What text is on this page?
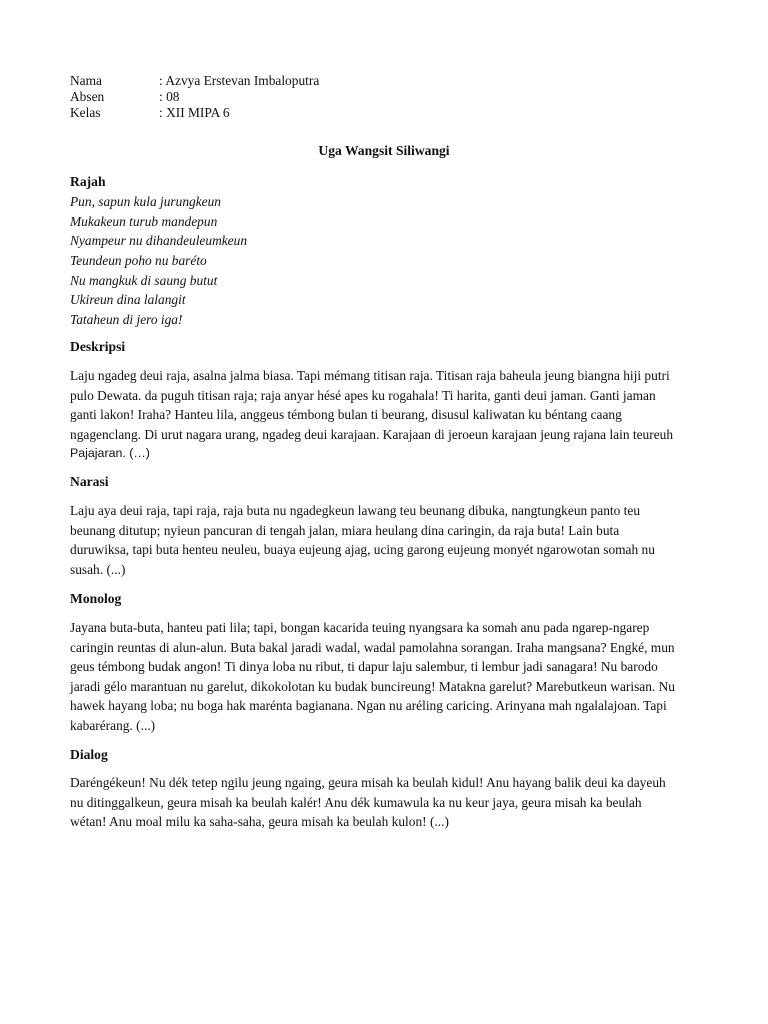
Nama	: Azvya Erstevan Imbaloputra
Absen	: 08
Kelas	: XII MIPA 6
Uga Wangsit Siliwangi
Rajah
Pun, sapun kula jurungkeun
Mukakeun turub mandepun
Nyampeur nu dihandeuleumkeun
Teundeun poho nu baréto
Nu mangkuk di saung butut
Ukireun dina lalangit
Tataheun di jero iga!
Deskripsi
Laju ngadeg deui raja, asalna jalma biasa. Tapi mémang titisan raja. Titisan raja baheula jeung biangna hiji putri
pulo Dewata. da puguh titisan raja; raja anyar hésé apes ku rogahala! Ti harita, ganti deui jaman. Ganti jaman
ganti lakon! Iraha? Hanteu lila, anggeus témbong bulan ti beurang, disusul kaliwatan ku béntang caang
ngagenclang. Di urut nagara urang, ngadeg deui karajaan. Karajaan di jeroeun karajaan jeung rajana lain teureuh
Pajajaran. (…)
Narasi
Laju aya deui raja, tapi raja, raja buta nu ngadegkeun lawang teu beunang dibuka, nangtungkeun panto teu
beunang ditutup; nyieun pancuran di tengah jalan, miara heulang dina caringin, da raja buta! Lain buta
duruwiksa, tapi buta henteu neuleu, buaya eujeung ajag, ucing garong eujeung monyét ngarowotan somah nu
susah. (...)
Monolog
Jayana buta-buta, hanteu pati lila; tapi, bongan kacarida teuing nyangsara ka somah anu pada ngarep-ngarep
caringin reuntas di alun-alun. Buta bakal jaradi wadal, wadal pamolahna sorangan. Iraha mangsana? Engké, mun
geus témbong budak angon! Ti dinya loba nu ribut, ti dapur laju salembur, ti lembur jadi sanagara! Nu barodo
jaradi gélo marantuan nu garelut, dikokolotan ku budak buncireung! Matakna garelut? Marebutkeun warisan. Nu
hawek hayang loba; nu boga hak marénta bagianana. Ngan nu aréling caricing. Arinyana mah ngalalajoan. Tapi
kabarérang. (...)
Dialog
Daréngékeun! Nu dék tetep ngilu jeung ngaing, geura misah ka beulah kidul! Anu hayang balik deui ka dayeuh
nu ditinggalkeun, geura misah ka beulah kalér! Anu dék kumawula ka nu keur jaya, geura misah ka beulah
wétan! Anu moal milu ka saha-saha, geura misah ka beulah kulon! (...)
